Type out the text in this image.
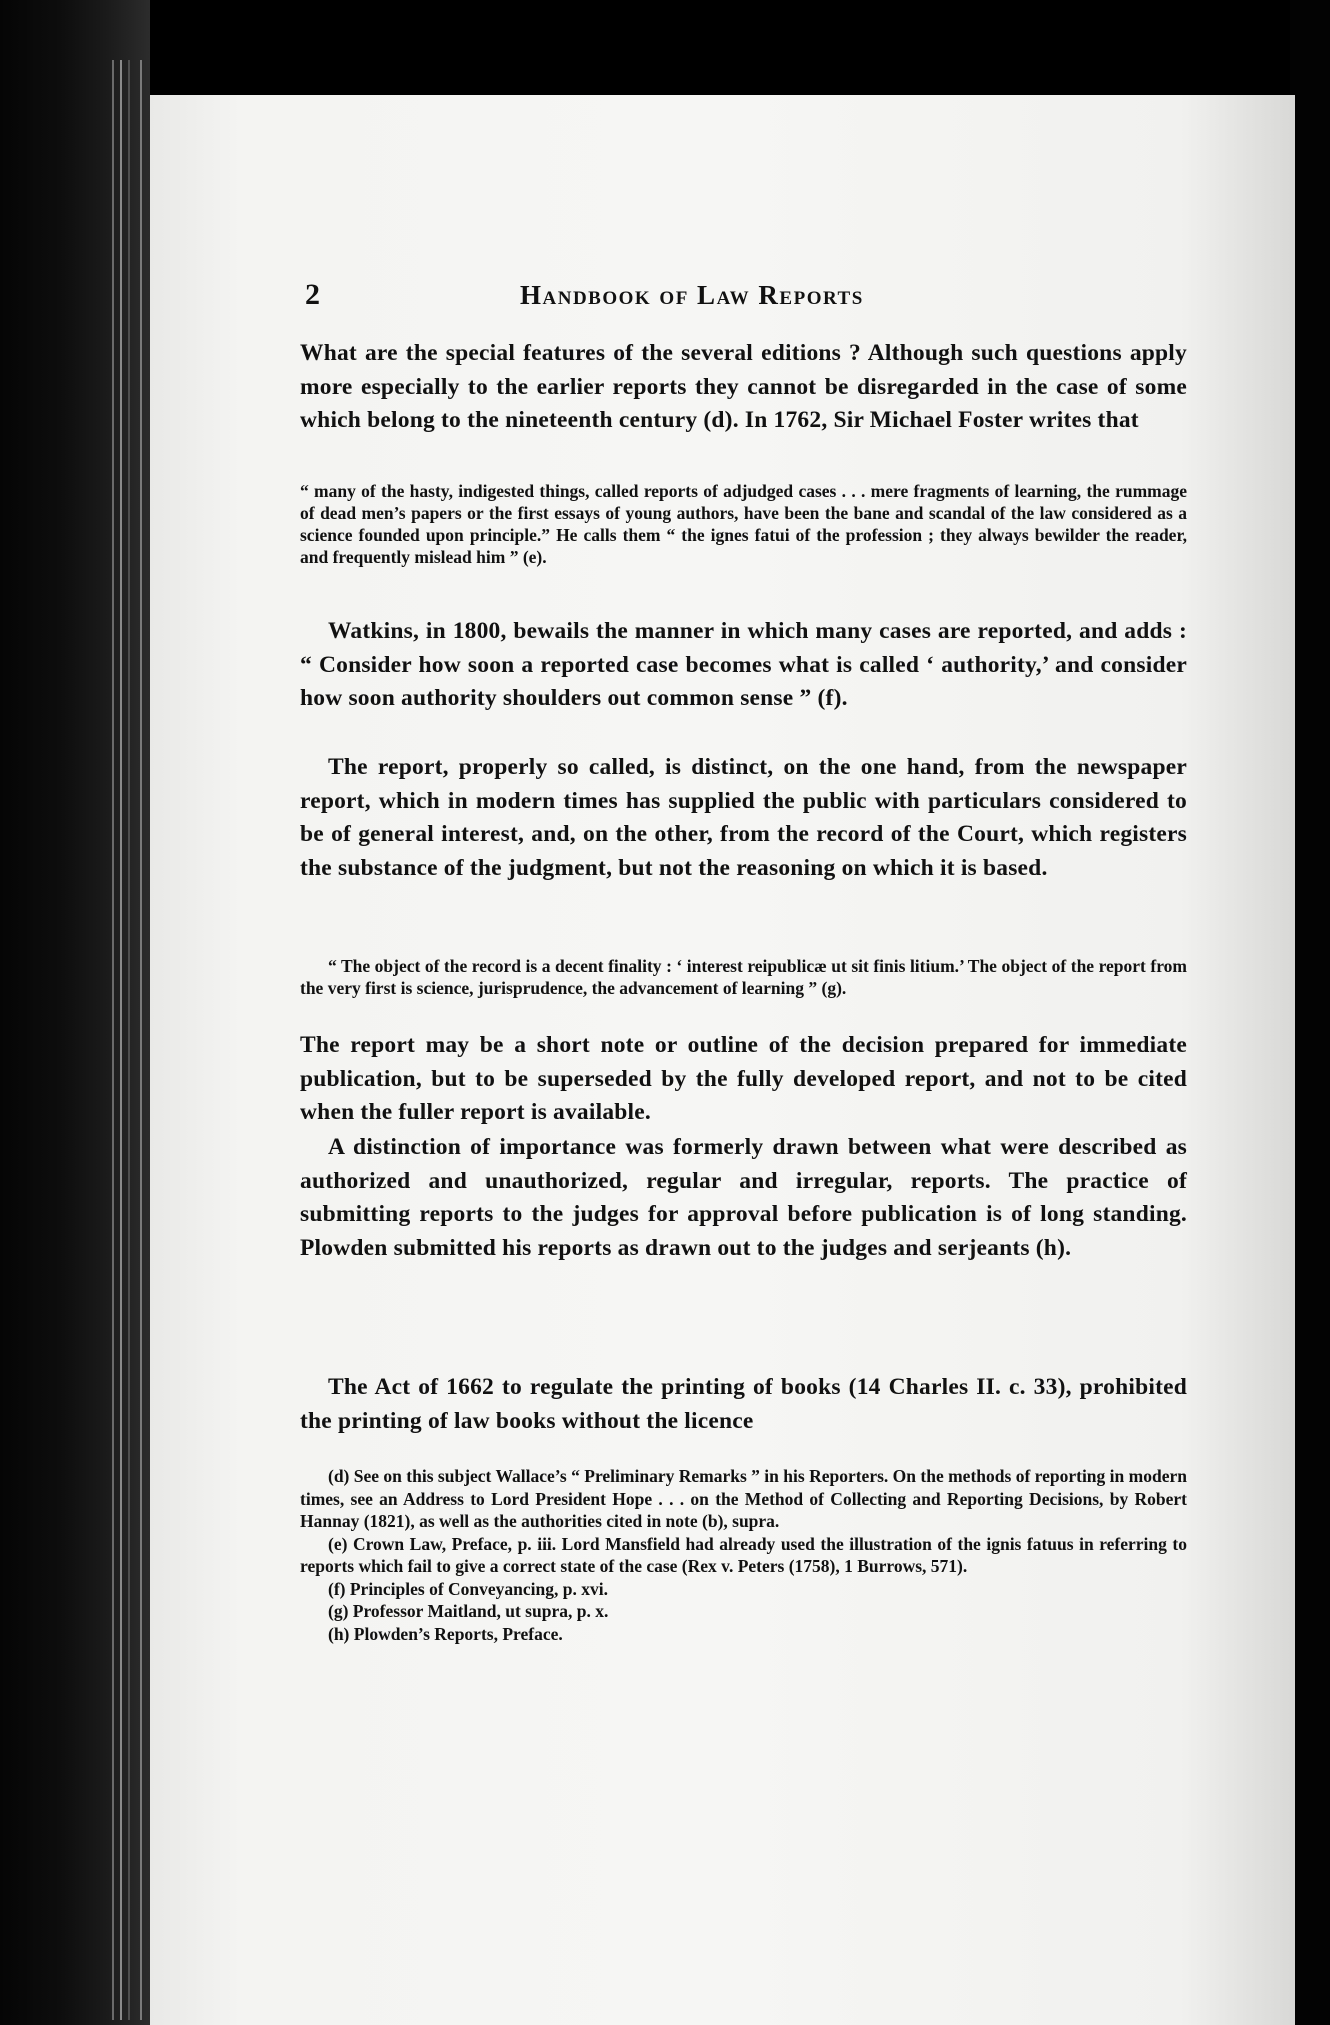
2	Handbook of Law Reports

What are the special features of the several editions ? Although such questions apply more especially to the earlier reports they cannot be disregarded in the case of some which belong to the nineteenth century (d). In 1762, Sir Michael Foster writes that

“ many of the hasty, indigested things, called reports of adjudged cases . . . mere fragments of learning, the rummage of dead men’s papers or the first essays of young authors, have been the bane and scandal of the law considered as a science founded upon principle.” He calls them “ the ignes fatui of the profession ; they always bewilder the reader, and frequently mislead him ” (e).

Watkins, in 1800, bewails the manner in which many cases are reported, and adds : “ Consider how soon a reported case becomes what is called ‘ authority,’ and consider how soon authority shoulders out common sense ” (f).

The report, properly so called, is distinct, on the one hand, from the newspaper report, which in modern times has supplied the public with particulars considered to be of general interest, and, on the other, from the record of the Court, which registers the substance of the judgment, but not the reasoning on which it is based.

“ The object of the record is a decent finality : ‘ interest reipublicæ ut sit finis litium.’ The object of the report from the very first is science, jurisprudence, the advancement of learning ” (g).

The report may be a short note or outline of the decision prepared for immediate publication, but to be superseded by the fully developed report, and not to be cited when the fuller report is available.

A distinction of importance was formerly drawn between what were described as authorized and unauthorized, regular and irregular, reports. The practice of submitting reports to the judges for approval before publication is of long standing. Plowden submitted his reports as drawn out to the judges and serjeants (h).

The Act of 1662 to regulate the printing of books (14 Charles II. c. 33), prohibited the printing of law books without the licence

(d) See on this subject Wallace’s “ Preliminary Remarks ” in his Reporters. On the methods of reporting in modern times, see an Address to Lord President Hope . . . on the Method of Collecting and Reporting Decisions, by Robert Hannay (1821), as well as the authorities cited in note (b), supra.

(e) Crown Law, Preface, p. iii. Lord Mansfield had already used the illustration of the ignis fatuus in referring to reports which fail to give a correct state of the case (Rex v. Peters (1758), 1 Burrows, 571).

(f) Principles of Conveyancing, p. xvi.

(g) Professor Maitland, ut supra, p. x.

(h) Plowden’s Reports, Preface.
